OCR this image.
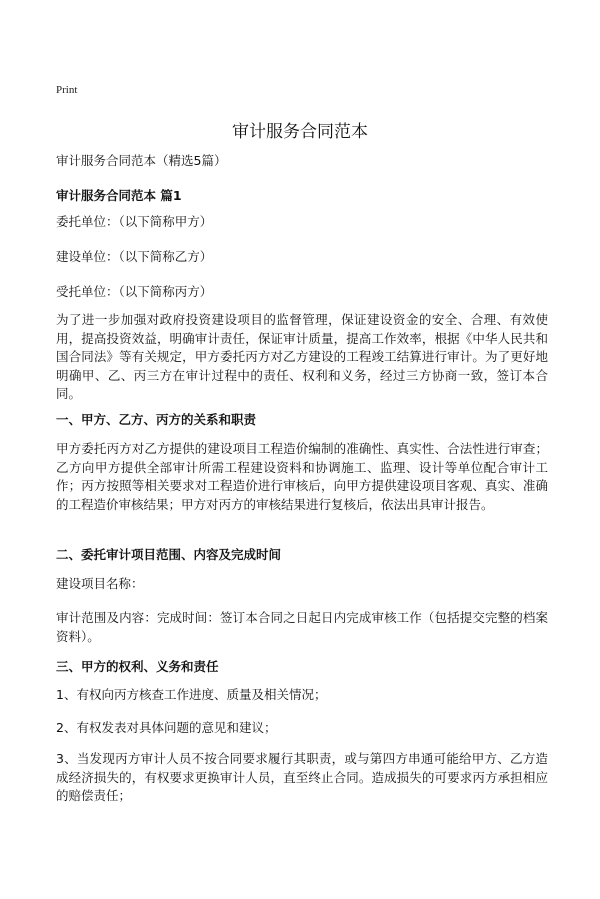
Print
审计服务合同范本

审计服务合同范本（精选5篇）

审计服务合同范本 篇1

委托单位：（以下简称甲方）

建设单位：（以下简称乙方）

受托单位：（以下简称丙方）

为了进一步加强对政府投资建设项目的监督管理，保证建设资金的安全、合理、有效使用，提高投资效益，明确审计责任，保证审计质量，提高工作效率，根据《中华人民共和国合同法》等有关规定，甲方委托丙方对乙方建设的工程竣工结算进行审计。为了更好地明确甲、乙、丙三方在审计过程中的责任、权利和义务，经过三方协商一致，签订本合同。

一、甲方、乙方、丙方的关系和职责

甲方委托丙方对乙方提供的建设项目工程造价编制的准确性、真实性、合法性进行审查；乙方向甲方提供全部审计所需工程建设资料和协调施工、监理、设计等单位配合审计工作；丙方按照等相关要求对工程造价进行审核后，向甲方提供建设项目客观、真实、准确的工程造价审核结果；甲方对丙方的审核结果进行复核后，依法出具审计报告。

二、委托审计项目范围、内容及完成时间

建设项目名称：

审计范围及内容：完成时间：签订本合同之日起日内完成审核工作（包括提交完整的档案资料）。

三、甲方的权利、义务和责任

1、有权向丙方核查工作进度、质量及相关情况；

2、有权发表对具体问题的意见和建议；

3、当发现丙方审计人员不按合同要求履行其职责，或与第四方串通可能给甲方、乙方造成经济损失的，有权要求更换审计人员，直至终止合同。造成损失的可要求丙方承担相应的赔偿责任；
